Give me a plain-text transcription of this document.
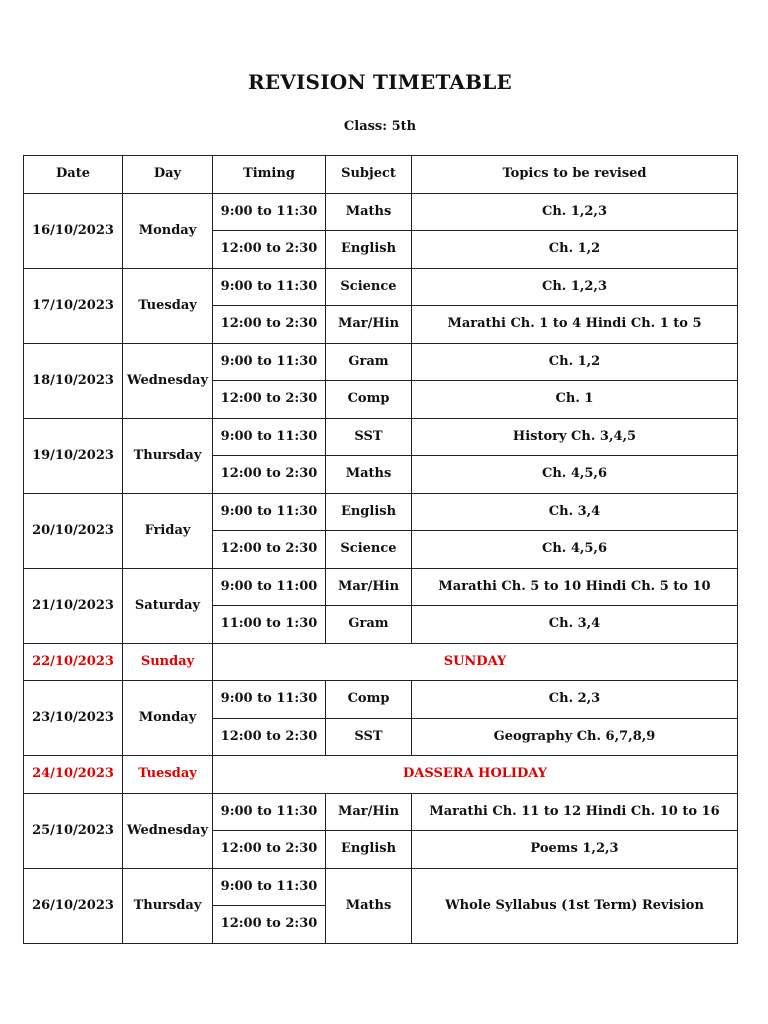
REVISION TIMETABLE
Class: 5th
Date	Day	Timing	Subject	Topics to be revised
16/10/2023	Monday	9:00 to 11:30	Maths	Ch. 1,2,3
		12:00 to 2:30	English	Ch. 1,2
17/10/2023	Tuesday	9:00 to 11:30	Science	Ch. 1,2,3
		12:00 to 2:30	Mar/Hin	Marathi Ch. 1 to 4 Hindi Ch. 1 to 5
18/10/2023	Wednesday	9:00 to 11:30	Gram	Ch. 1,2
		12:00 to 2:30	Comp	Ch. 1
19/10/2023	Thursday	9:00 to 11:30	SST	History Ch. 3,4,5
		12:00 to 2:30	Maths	Ch. 4,5,6
20/10/2023	Friday	9:00 to 11:30	English	Ch. 3,4
		12:00 to 2:30	Science	Ch. 4,5,6
21/10/2023	Saturday	9:00 to 11:00	Mar/Hin	Marathi Ch. 5 to 10 Hindi Ch. 5 to 10
		11:00 to 1:30	Gram	Ch. 3,4
22/10/2023	Sunday	SUNDAY		
23/10/2023	Monday	9:00 to 11:30	Comp	Ch. 2,3
		12:00 to 2:30	SST	Geography Ch. 6,7,8,9
24/10/2023	Tuesday	DASSERA HOLIDAY		
25/10/2023	Wednesday	9:00 to 11:30	Mar/Hin	Marathi Ch. 11 to 12 Hindi Ch. 10 to 16
		12:00 to 2:30	English	Poems 1,2,3
26/10/2023	Thursday	9:00 to 11:30	Maths	Whole Syllabus (1st Term) Revision
		12:00 to 2:30		
